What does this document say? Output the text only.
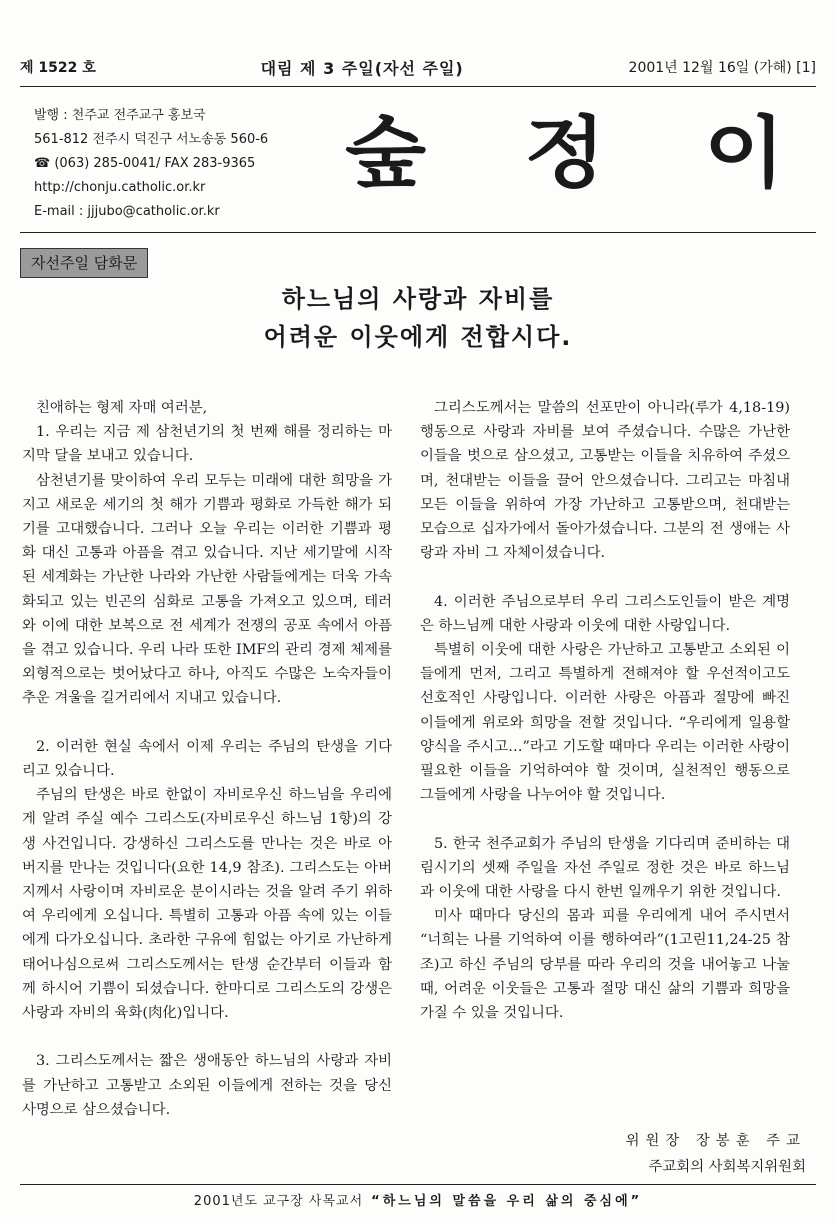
제 1522 호	대림 제 3 주일(자선 주일)	2001년 12월 16일 (가해) [1]
발행 : 천주교 전주교구 홍보국
561-812 전주시 덕진구 서노송동 560-6
☎ (063) 285-0041/ FAX 283-9365
http://chonju.catholic.or.kr
E-mail : jjjubo@catholic.or.kr
숲 정 이
자선주일 담화문
하느님의 사랑과 자비를
어려운 이웃에게 전합시다.

친애하는 형제 자매 여러분,

1. 우리는 지금 제 삼천년기의 첫 번째 해를 정리하는 마지막 달을 보내고 있습니다.

삼천년기를 맞이하여 우리 모두는 미래에 대한 희망을 가지고 새로운 세기의 첫 해가 기쁨과 평화로 가득한 해가 되기를 고대했습니다. 그러나 오늘 우리는 이러한 기쁨과 평화 대신 고통과 아픔을 겪고 있습니다. 지난 세기말에 시작된 세계화는 가난한 나라와 가난한 사람들에게는 더욱 가속화되고 있는 빈곤의 심화로 고통을 가져오고 있으며, 테러와 이에 대한 보복으로 전 세계가 전쟁의 공포 속에서 아픔을 겪고 있습니다. 우리 나라 또한 IMF의 관리 경제 체제를 외형적으로는 벗어났다고 하나, 아직도 수많은 노숙자들이 추운 겨울을 길거리에서 지내고 있습니다.

2. 이러한 현실 속에서 이제 우리는 주님의 탄생을 기다리고 있습니다.

주님의 탄생은 바로 한없이 자비로우신 하느님을 우리에게 알려 주실 예수 그리스도(자비로우신 하느님 1항)의 강생 사건입니다. 강생하신 그리스도를 만나는 것은 바로 아버지를 만나는 것입니다(요한 14,9 참조). 그리스도는 아버지께서 사랑이며 자비로운 분이시라는 것을 알려 주기 위하여 우리에게 오십니다. 특별히 고통과 아픔 속에 있는 이들에게 다가오십니다. 초라한 구유에 힘없는 아기로 가난하게 태어나심으로써 그리스도께서는 탄생 순간부터 이들과 함께 하시어 기쁨이 되셨습니다. 한마디로 그리스도의 강생은 사랑과 자비의 육화(肉化)입니다.

3. 그리스도께서는 짧은 생애동안 하느님의 사랑과 자비를 가난하고 고통받고 소외된 이들에게 전하는 것을 당신 사명으로 삼으셨습니다.

그리스도께서는 말씀의 선포만이 아니라(루가 4,18-19) 행동으로 사랑과 자비를 보여 주셨습니다. 수많은 가난한 이들을 벗으로 삼으셨고, 고통받는 이들을 치유하여 주셨으며, 천대받는 이들을 끌어 안으셨습니다. 그리고는 마침내 모든 이들을 위하여 가장 가난하고 고통받으며, 천대받는 모습으로 십자가에서 돌아가셨습니다. 그분의 전 생애는 사랑과 자비 그 자체이셨습니다.

4. 이러한 주님으로부터 우리 그리스도인들이 받은 계명은 하느님께 대한 사랑과 이웃에 대한 사랑입니다.

특별히 이웃에 대한 사랑은 가난하고 고통받고 소외된 이들에게 먼저, 그리고 특별하게 전해져야 할 우선적이고도 선호적인 사랑입니다. 이러한 사랑은 아픔과 절망에 빠진 이들에게 위로와 희망을 전할 것입니다. “우리에게 일용할 양식을 주시고…”라고 기도할 때마다 우리는 이러한 사랑이 필요한 이들을 기억하여야 할 것이며, 실천적인 행동으로 그들에게 사랑을 나누어야 할 것입니다.

5. 한국 천주교회가 주님의 탄생을 기다리며 준비하는 대림시기의 셋째 주일을 자선 주일로 정한 것은 바로 하느님과 이웃에 대한 사랑을 다시 한번 일깨우기 위한 것입니다.

미사 때마다 당신의 몸과 피를 우리에게 내어 주시면서 “너희는 나를 기억하여 이를 행하여라”(1고린11,24-25 참조)고 하신 주님의 당부를 따라 우리의 것을 내어놓고 나눌 때, 어려운 이웃들은 고통과 절망 대신 삶의 기쁨과 희망을 가질 수 있을 것입니다.

위원장 장봉훈 주교
주교회의 사회복지위원회
2001년도 교구장 사목교서 “하느님의 말씀을 우리 삶의 중심에”
